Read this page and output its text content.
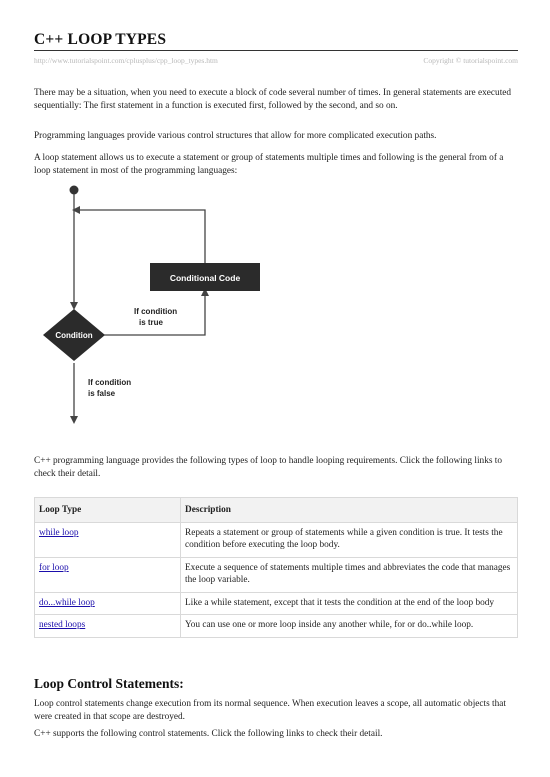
C++ LOOP TYPES
http://www.tutorialspoint.com/cplusplus/cpp_loop_types.htm	Copyright © tutorialspoint.com

There may be a situation, when you need to execute a block of code several number of times. In general statements are executed sequentially: The first statement in a function is executed first, followed by the second, and so on.

Programming languages provide various control structures that allow for more complicated execution paths.

A loop statement allows us to execute a statement or group of statements multiple times and following is the general from of a loop statement in most of the programming languages:

Conditional Code
Condition
If condition
is true
If condition
is false

C++ programming language provides the following types of loop to handle looping requirements. Click the following links to check their detail.

Loop Type	Description
while loop	Repeats a statement or group of statements while a given condition is true. It tests the condition before executing the loop body.
for loop	Execute a sequence of statements multiple times and abbreviates the code that manages the loop variable.
do...while loop	Like a while statement, except that it tests the condition at the end of the loop body
nested loops	You can use one or more loop inside any another while, for or do..while loop.
Loop Control Statements:

Loop control statements change execution from its normal sequence. When execution leaves a scope, all automatic objects that were created in that scope are destroyed.

C++ supports the following control statements. Click the following links to check their detail.
